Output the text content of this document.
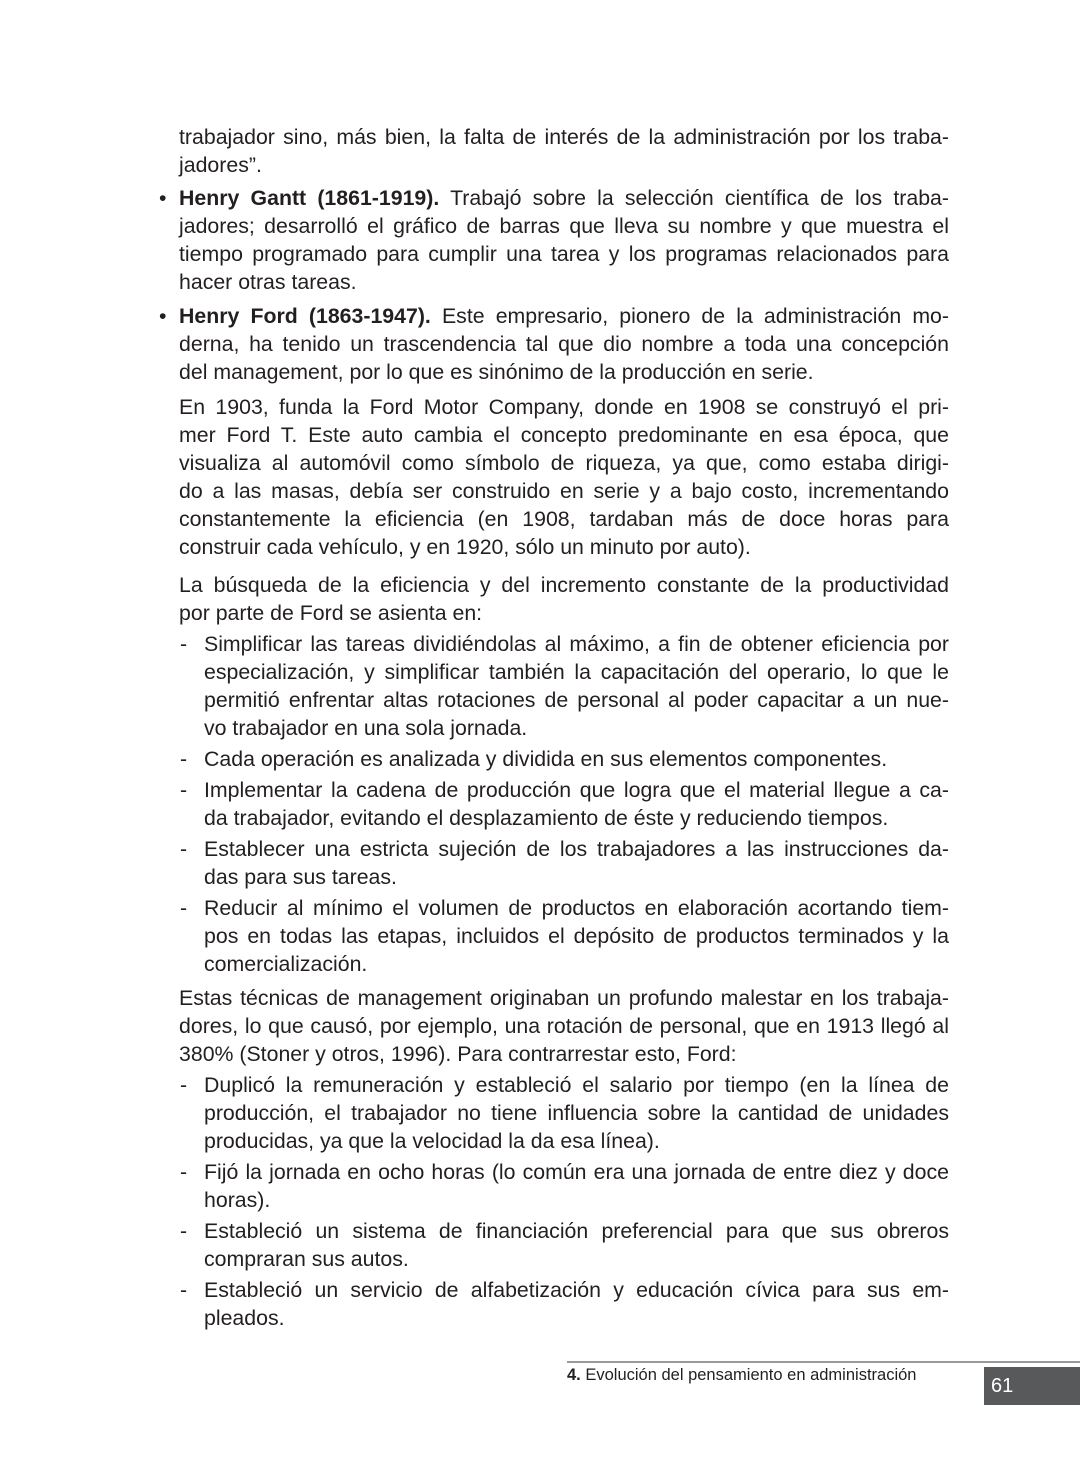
trabajador sino, más bien, la falta de interés de la administración por los traba-
jadores”.
• Henry Gantt (1861-1919). Trabajó sobre la selección científica de los traba-
jadores; desarrolló el gráfico de barras que lleva su nombre y que muestra el
tiempo programado para cumplir una tarea y los programas relacionados para
hacer otras tareas.
• Henry Ford (1863-1947). Este empresario, pionero de la administración mo-
derna, ha tenido un trascendencia tal que dio nombre a toda una concepción
del management, por lo que es sinónimo de la producción en serie.
En 1903, funda la Ford Motor Company, donde en 1908 se construyó el pri-
mer Ford T. Este auto cambia el concepto predominante en esa época, que
visualiza al automóvil como símbolo de riqueza, ya que, como estaba dirigi-
do a las masas, debía ser construido en serie y a bajo costo, incrementando
constantemente la eficiencia (en 1908, tardaban más de doce horas para
construir cada vehículo, y en 1920, sólo un minuto por auto).
La búsqueda de la eficiencia y del incremento constante de la productividad
por parte de Ford se asienta en:
- Simplificar las tareas dividiéndolas al máximo, a fin de obtener eficiencia por
especialización, y simplificar también la capacitación del operario, lo que le
permitió enfrentar altas rotaciones de personal al poder capacitar a un nue-
vo trabajador en una sola jornada.
- Cada operación es analizada y dividida en sus elementos componentes.
- Implementar la cadena de producción que logra que el material llegue a ca-
da trabajador, evitando el desplazamiento de éste y reduciendo tiempos.
- Establecer una estricta sujeción de los trabajadores a las instrucciones da-
das para sus tareas.
- Reducir al mínimo el volumen de productos en elaboración acortando tiem-
pos en todas las etapas, incluidos el depósito de productos terminados y la
comercialización.
Estas técnicas de management originaban un profundo malestar en los trabaja-
dores, lo que causó, por ejemplo, una rotación de personal, que en 1913 llegó al
380% (Stoner y otros, 1996). Para contrarrestar esto, Ford:
- Duplicó la remuneración y estableció el salario por tiempo (en la línea de
producción, el trabajador no tiene influencia sobre la cantidad de unidades
producidas, ya que la velocidad la da esa línea).
- Fijó la jornada en ocho horas (lo común era una jornada de entre diez y doce
horas).
- Estableció un sistema de financiación preferencial para que sus obreros
compraran sus autos.
- Estableció un servicio de alfabetización y educación cívica para sus em-
pleados.
4. Evolución del pensamiento en administración	61
